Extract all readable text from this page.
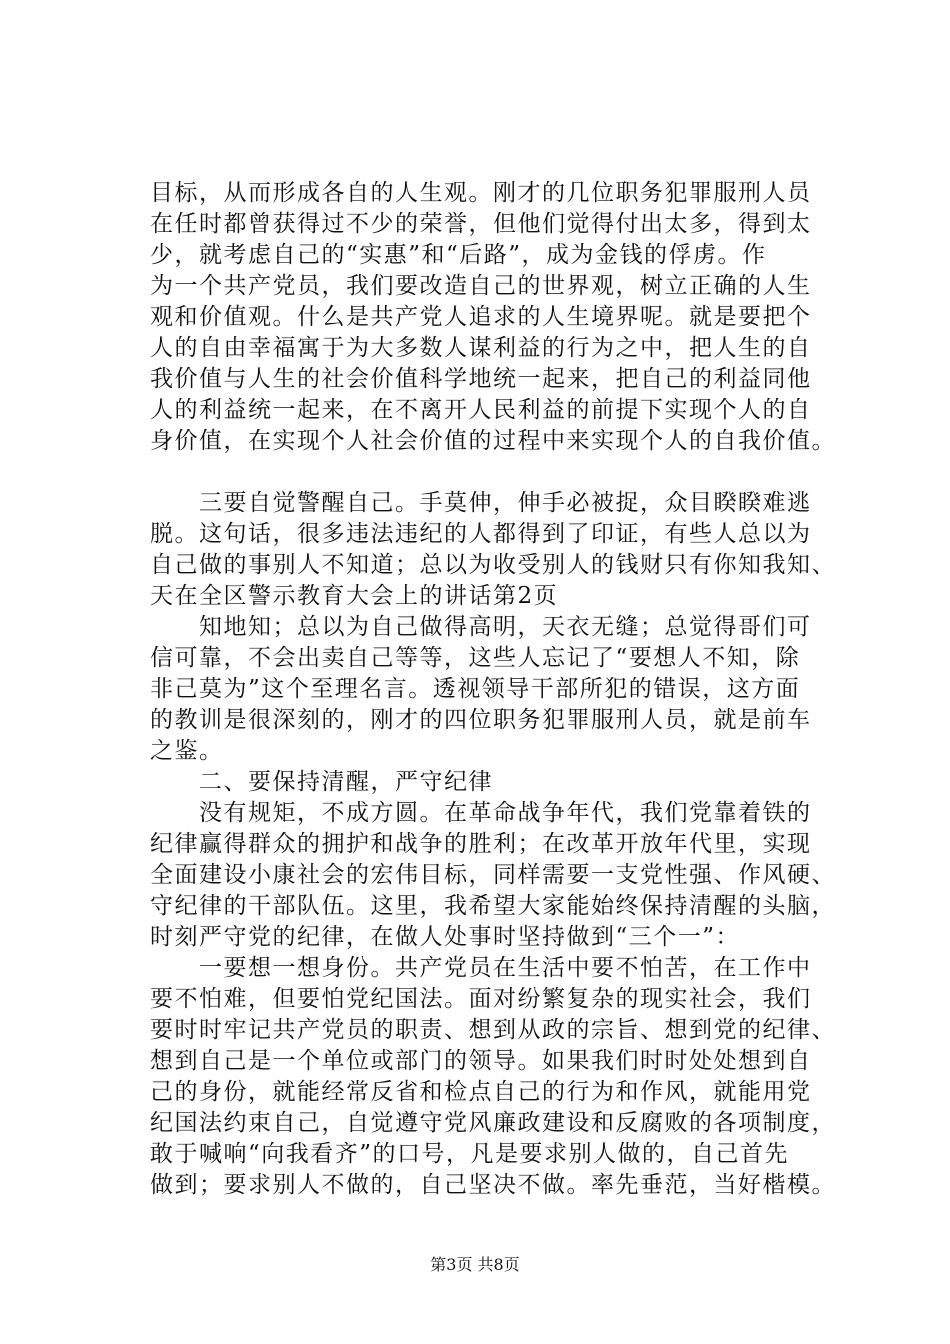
目标，从而形成各自的人生观。刚才的几位职务犯罪服刑人员
在任时都曾获得过不少的荣誉，但他们觉得付出太多，得到太
少，就考虑自己的“实惠”和“后路”，成为金钱的俘虏。作
为一个共产党员，我们要改造自己的世界观，树立正确的人生
观和价值观。什么是共产党人追求的人生境界呢。就是要把个
人的自由幸福寓于为大多数人谋利益的行为之中，把人生的自
我价值与人生的社会价值科学地统一起来，把自己的利益同他
人的利益统一起来，在不离开人民利益的前提下实现个人的自
身价值，在实现个人社会价值的过程中来实现个人的自我价值。
　　三要自觉警醒自己。手莫伸，伸手必被捉，众目睽睽难逃
脱。这句话，很多违法违纪的人都得到了印证，有些人总以为
自己做的事别人不知道；总以为收受别人的钱财只有你知我知、
天在全区警示教育大会上的讲话第2页
　　知地知；总以为自己做得高明，天衣无缝；总觉得哥们可
信可靠，不会出卖自己等等，这些人忘记了“要想人不知，除
非己莫为”这个至理名言。透视领导干部所犯的错误，这方面
的教训是很深刻的，刚才的四位职务犯罪服刑人员，就是前车
之鉴。
　　二、要保持清醒，严守纪律
　　没有规矩，不成方圆。在革命战争年代，我们党靠着铁的
纪律赢得群众的拥护和战争的胜利；在改革开放年代里，实现
全面建设小康社会的宏伟目标，同样需要一支党性强、作风硬、
守纪律的干部队伍。这里，我希望大家能始终保持清醒的头脑，
时刻严守党的纪律，在做人处事时坚持做到“三个一”：
　　一要想一想身份。共产党员在生活中要不怕苦，在工作中
要不怕难，但要怕党纪国法。面对纷繁复杂的现实社会，我们
要时时牢记共产党员的职责、想到从政的宗旨、想到党的纪律、
想到自己是一个单位或部门的领导。如果我们时时处处想到自
己的身份，就能经常反省和检点自己的行为和作风，就能用党
纪国法约束自己，自觉遵守党风廉政建设和反腐败的各项制度，
敢于喊响“向我看齐”的口号，凡是要求别人做的，自己首先
做到；要求别人不做的，自己坚决不做。率先垂范，当好楷模。
第3页 共8页
